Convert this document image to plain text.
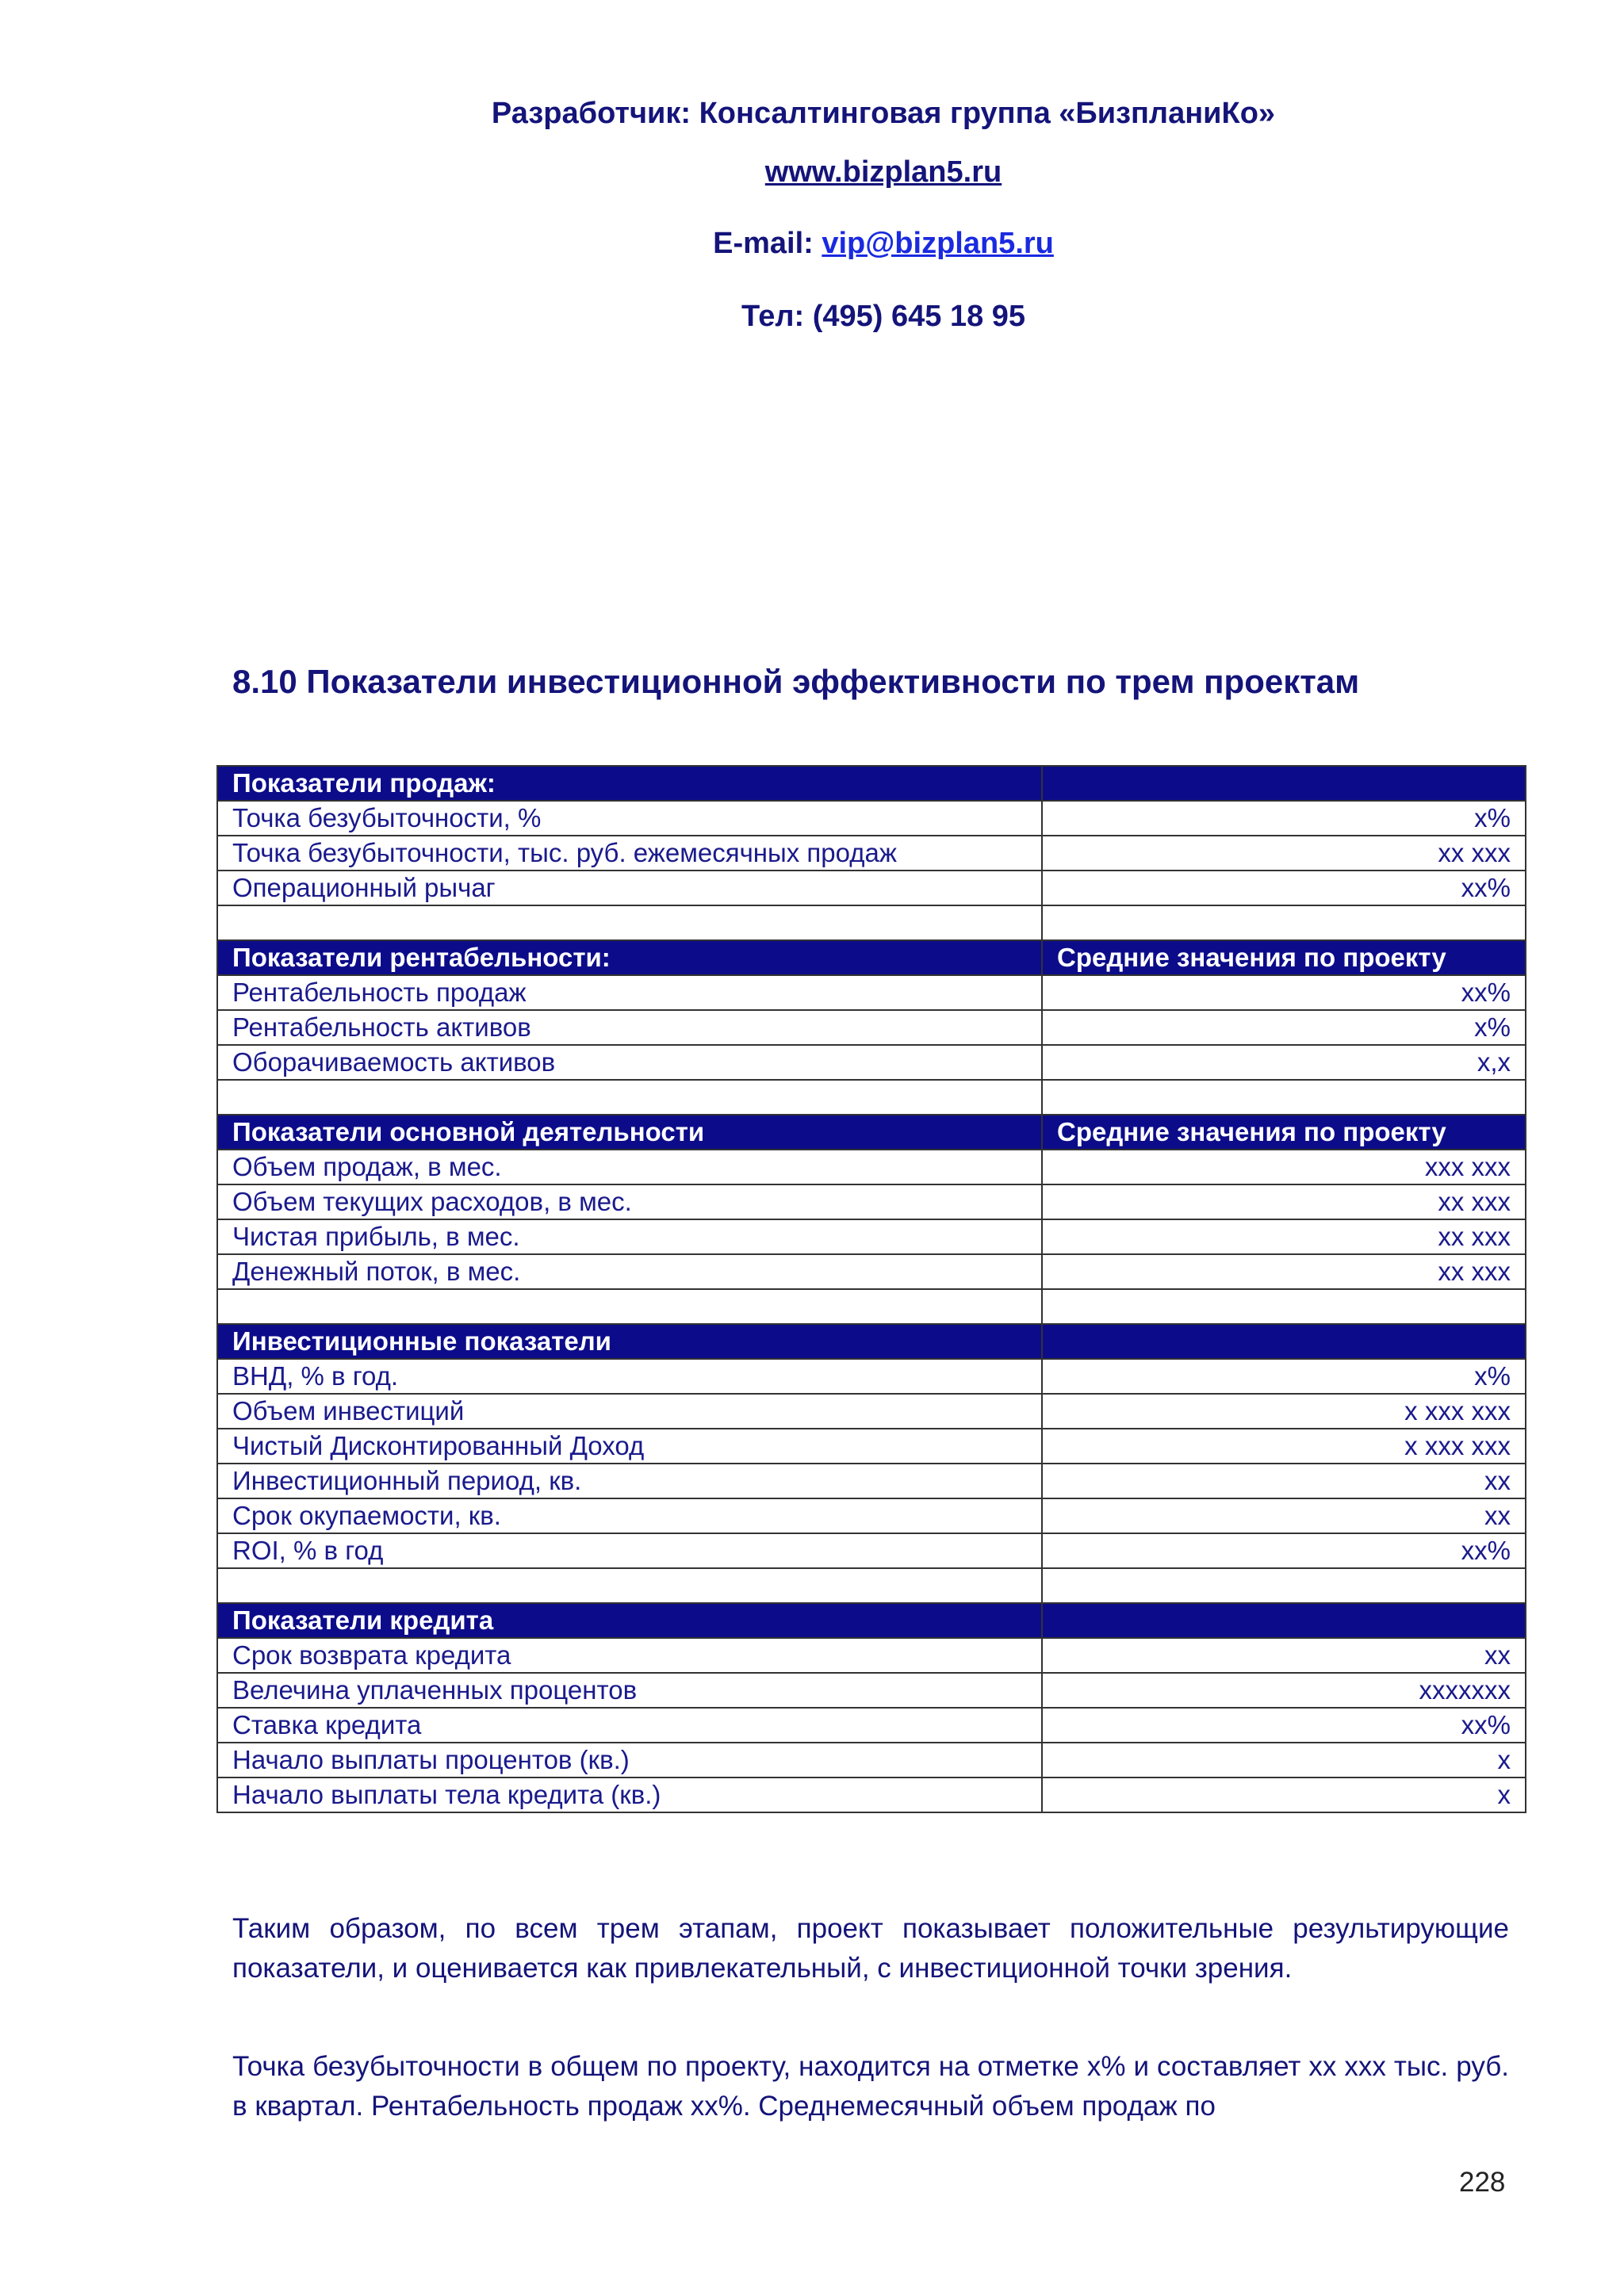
Разработчик: Консалтинговая группа «БизпланиКо»
www.bizplan5.ru
E-mail: vip@bizplan5.ru
Тел: (495) 645 18 95
8.10 Показатели инвестиционной эффективности по трем проектам
Показатели продаж:	
Точка безубыточности, %	x%
Точка безубыточности, тыс. руб. ежемесячных продаж	xx xxx
Операционный рычаг	xx%

Показатели рентабельности:	Средние значения по проекту
Рентабельность продаж	xx%
Рентабельность активов	x%
Оборачиваемость активов	x,x

Показатели основной деятельности	Средние значения по проекту
Объем продаж, в мес.	xxx xxx
Объем текущих расходов, в мес.	xx xxx
Чистая прибыль, в мес.	xx xxx
Денежный поток, в мес.	xx xxx

Инвестиционные показатели	
ВНД, % в год.	x%
Объем инвестиций	x xxx xxx
Чистый Дисконтированный Доход	x xxx xxx
Инвестиционный период, кв.	xx
Срок окупаемости, кв.	xx
ROI, % в год	xx%

Показатели кредита	
Срок возврата кредита	xx
Велечина уплаченных процентов	xxxxxxx
Ставка кредита	xx%
Начало выплаты процентов (кв.)	x
Начало выплаты тела кредита (кв.)	x
Таким образом, по всем трем этапам, проект показывает положительные результирующие показатели, и оценивается как привлекательный, с инвестиционной точки зрения.
Точка безубыточности в общем по проекту, находится на отметке x% и составляет xx xxx тыс. руб. в квартал. Рентабельность продаж xx%. Среднемесячный объем продаж по
228
